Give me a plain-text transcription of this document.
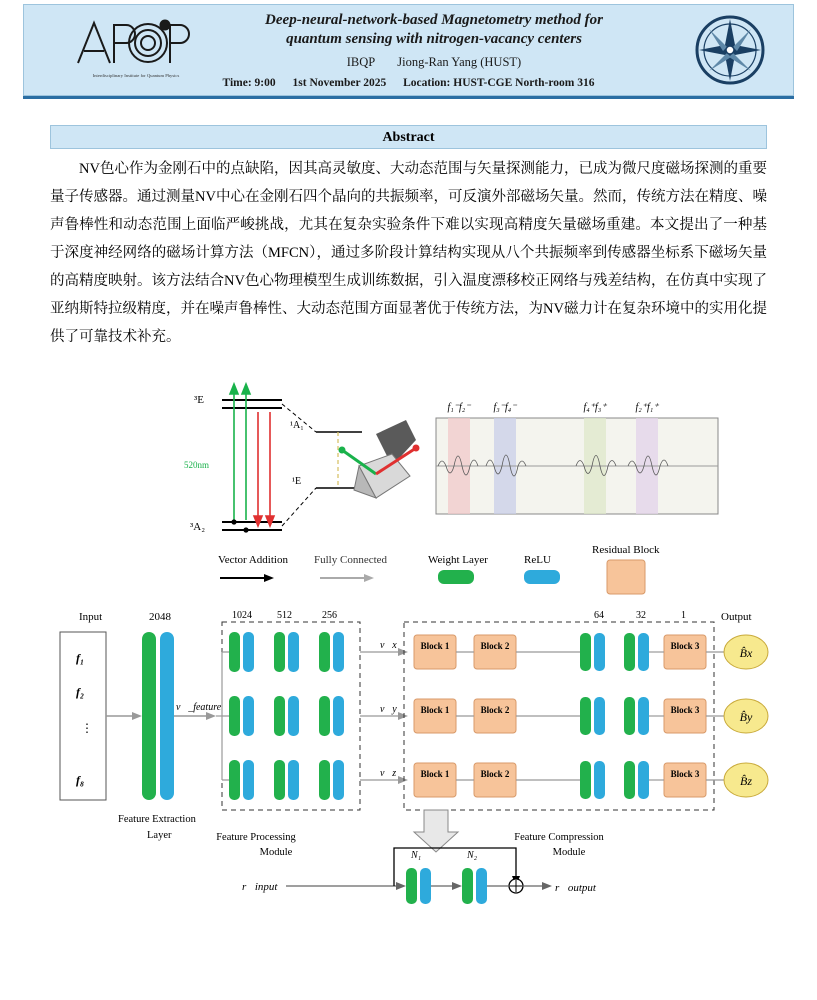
Interdisciplinary Institute for Quantum Physics
Deep-neural-network-based Magnetometry method for
quantum sensing with nitrogen-vacancy centers
IBQP Jiong-Ran Yang (HUST)
Time: 9:00 1st November 2025 Location: HUST-CGE North-room 316
Abstract

NV色心作为金刚石中的点缺陷，因其高灵敏度、大动态范围与矢量探测能力，已成为微尺度磁场探测的重要量子传感器。通过测量NV中心在金刚石四个晶向的共振频率，可反演外部磁场矢量。然而，传统方法在精度、噪声鲁棒性和动态范围上面临严峻挑战，尤其在复杂实验条件下难以实现高精度矢量磁场重建。本文提出了一种基于深度神经网络的磁场计算方法（MFCN），通过多阶段计算结构实现从八个共振频率到传感器坐标系下磁场矢量的高精度映射。该方法结合NV色心物理模型生成训练数据，引入温度漂移校正网络与残差结构，在仿真中实现了亚纳斯特拉级精度，并在噪声鲁棒性、大动态范围方面显著优于传统方法，为NV磁力计在复杂环境中的实用化提供了可靠技术补充。

³E
³A₂
¹A₁
¹E
520nm
f₁⁻f₂⁻ f₃⁻f₄⁻	f₄⁺f₃⁺	f₂⁺f₁⁺
Vector Addition Fully Connected	Weight Layer	ReLU
Residual Block
Input
f₁
f₂
⋮
f₈
2048
Feature Extraction
Layer
v⃗_feature
1024	512	256
Feature Processing
Module
v⃗x
v⃗y
v⃗z
64	32	1
Block 1	Block 2	Block 3
Block 1	Block 2	Block 3
Block 1	Block 2	Block 3
Feature Compression
Module
Output
B̂x
B̂y
B̂z
r⃗input
N₁	N₂
r⃗output
